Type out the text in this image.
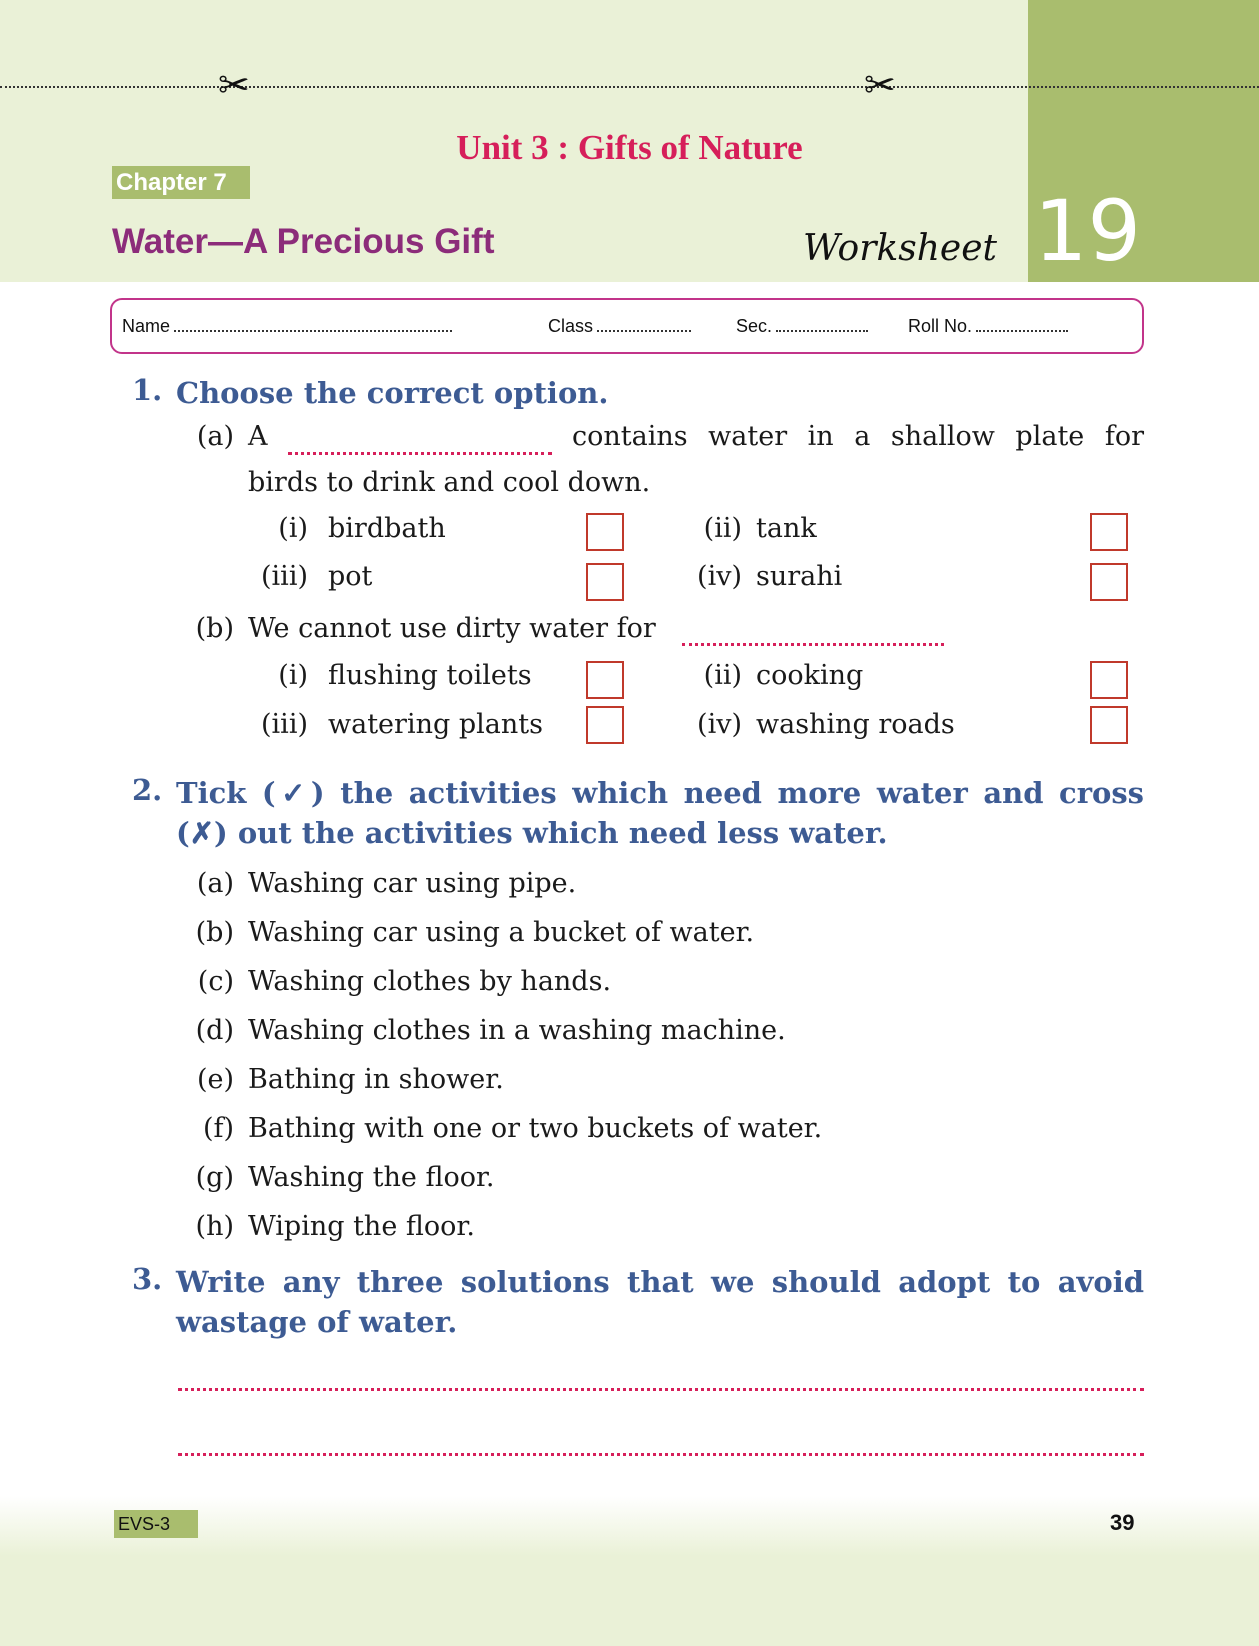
✂	✂
Unit 3 : Gifts of Nature
Chapter 7
Water—A Precious Gift	Worksheet 19
Name	Class	Sec.	Roll No.
1. Choose the correct option.
(a) A	contains water in a shallow plate for
birds to drink and cool down.
(i) birdbath	(ii) tank
(iii) pot	(iv) surahi
(b) We cannot use dirty water for
(i) flushing toilets	(ii) cooking
(iii) watering plants	(iv) washing roads
2. Tick (✓) the activities which need more water and cross (✗) out the activities which need less water.
(a) Washing car using pipe.
(b) Washing car using a bucket of water.
(c) Washing clothes by hands.
(d) Washing clothes in a washing machine.
(e) Bathing in shower.
(f) Bathing with one or two buckets of water.
(g) Washing the floor.
(h) Wiping the floor.
3. Write any three solutions that we should adopt to avoid wastage of water.
EVS-3	39
